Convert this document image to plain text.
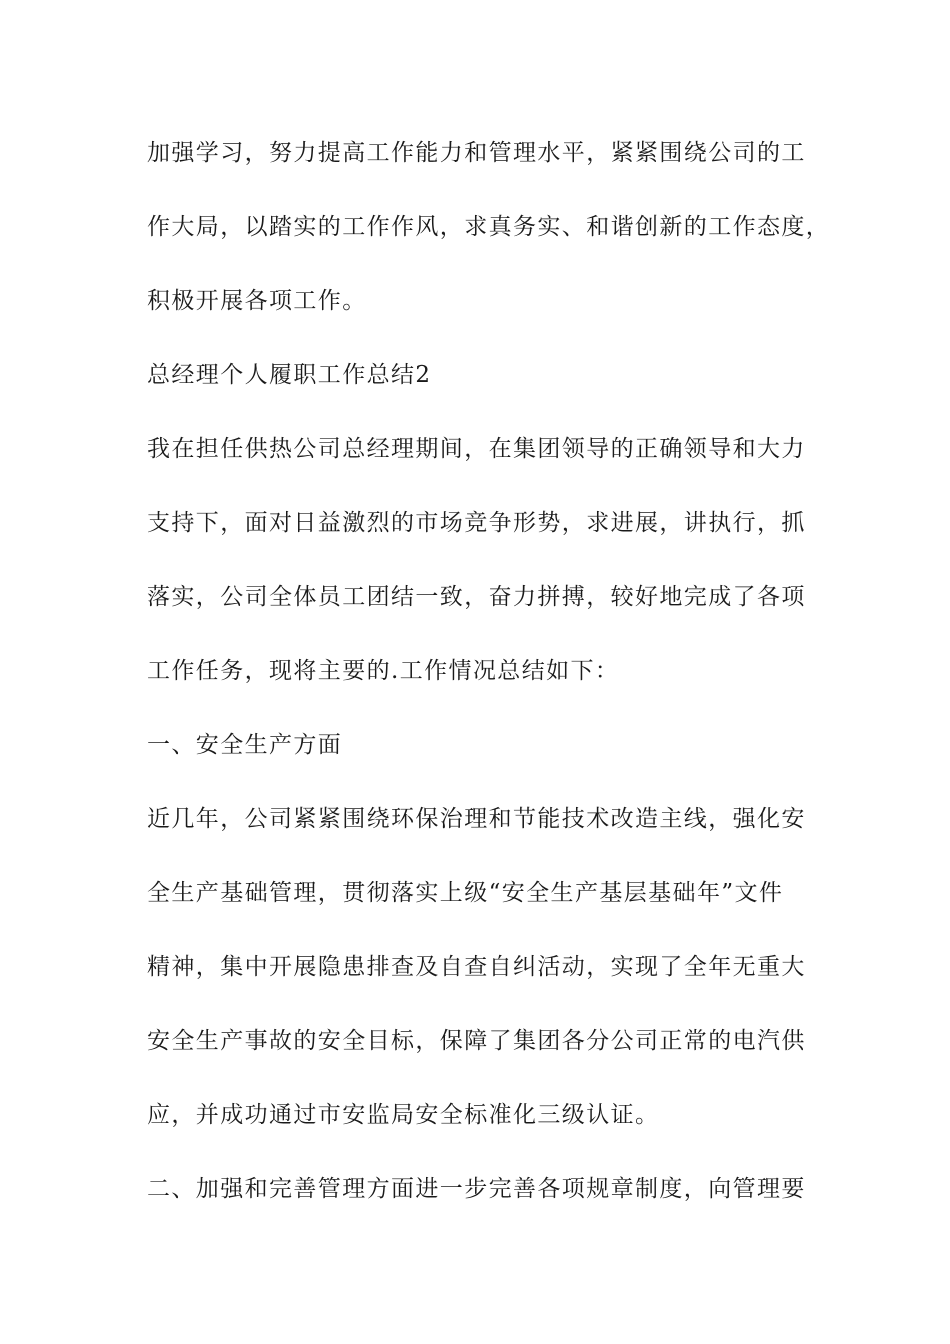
加强学习，努力提高工作能力和管理水平，紧紧围绕公司的工
作大局，以踏实的工作作风，求真务实、和谐创新的工作态度，
积极开展各项工作。
总经理个人履职工作总结2
我在担任供热公司总经理期间，在集团领导的正确领导和大力
支持下，面对日益激烈的市场竞争形势，求进展，讲执行，抓
落实，公司全体员工团结一致，奋力拼搏，较好地完成了各项
工作任务，现将主要的.工作情况总结如下：
一、安全生产方面
近几年，公司紧紧围绕环保治理和节能技术改造主线，强化安
全生产基础管理，贯彻落实上级“安全生产基层基础年”文件
精神，集中开展隐患排查及自查自纠活动，实现了全年无重大
安全生产事故的安全目标，保障了集团各分公司正常的电汽供
应，并成功通过市安监局安全标准化三级认证。
二、加强和完善管理方面进一步完善各项规章制度，向管理要
